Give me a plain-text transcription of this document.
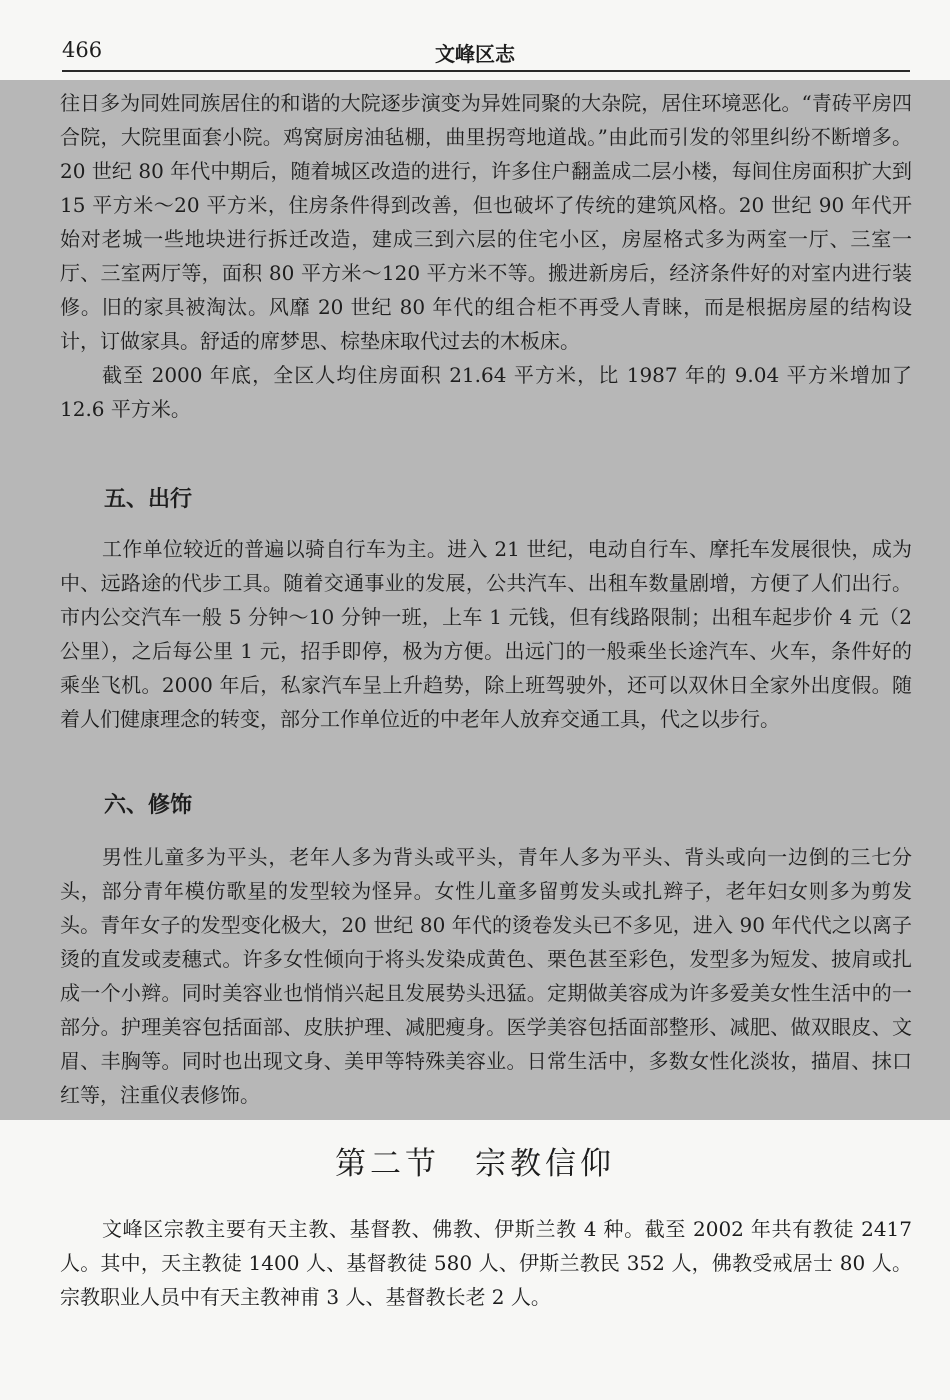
466	文峰区志

往日多为同姓同族居住的和谐的大院逐步演变为异姓同聚的大杂院，居住环境恶化。“青砖平房四合院，大院里面套小院。鸡窝厨房油毡棚，曲里拐弯地道战。”由此而引发的邻里纠纷不断增多。20 世纪 80 年代中期后，随着城区改造的进行，许多住户翻盖成二层小楼，每间住房面积扩大到 15 平方米～20 平方米，住房条件得到改善，但也破坏了传统的建筑风格。20 世纪 90 年代开始对老城一些地块进行拆迁改造，建成三到六层的住宅小区，房屋格式多为两室一厅、三室一厅、三室两厅等，面积 80 平方米～120 平方米不等。搬进新房后，经济条件好的对室内进行装修。旧的家具被淘汰。风靡 20 世纪 80 年代的组合柜不再受人青睐，而是根据房屋的结构设计，订做家具。舒适的席梦思、棕垫床取代过去的木板床。

截至 2000 年底，全区人均住房面积 21.64 平方米，比 1987 年的 9.04 平方米增加了 12.6 平方米。

五、出行

工作单位较近的普遍以骑自行车为主。进入 21 世纪，电动自行车、摩托车发展很快，成为中、远路途的代步工具。随着交通事业的发展，公共汽车、出租车数量剧增，方便了人们出行。市内公交汽车一般 5 分钟～10 分钟一班，上车 1 元钱，但有线路限制；出租车起步价 4 元（2 公里），之后每公里 1 元，招手即停，极为方便。出远门的一般乘坐长途汽车、火车，条件好的乘坐飞机。2000 年后，私家汽车呈上升趋势，除上班驾驶外，还可以双休日全家外出度假。随着人们健康理念的转变，部分工作单位近的中老年人放弃交通工具，代之以步行。

六、修饰

男性儿童多为平头，老年人多为背头或平头，青年人多为平头、背头或向一边倒的三七分头，部分青年模仿歌星的发型较为怪异。女性儿童多留剪发头或扎辫子，老年妇女则多为剪发头。青年女子的发型变化极大，20 世纪 80 年代的烫卷发头已不多见，进入 90 年代代之以离子烫的直发或麦穗式。许多女性倾向于将头发染成黄色、栗色甚至彩色，发型多为短发、披肩或扎成一个小辫。同时美容业也悄悄兴起且发展势头迅猛。定期做美容成为许多爱美女性生活中的一部分。护理美容包括面部、皮肤护理、减肥瘦身。医学美容包括面部整形、减肥、做双眼皮、文眉、丰胸等。同时也出现文身、美甲等特殊美容业。日常生活中，多数女性化淡妆，描眉、抹口红等，注重仪表修饰。

第二节　宗教信仰

文峰区宗教主要有天主教、基督教、佛教、伊斯兰教 4 种。截至 2002 年共有教徒 2417 人。其中，天主教徒 1400 人、基督教徒 580 人、伊斯兰教民 352 人，佛教受戒居士 80 人。宗教职业人员中有天主教神甫 3 人、基督教长老 2 人。
